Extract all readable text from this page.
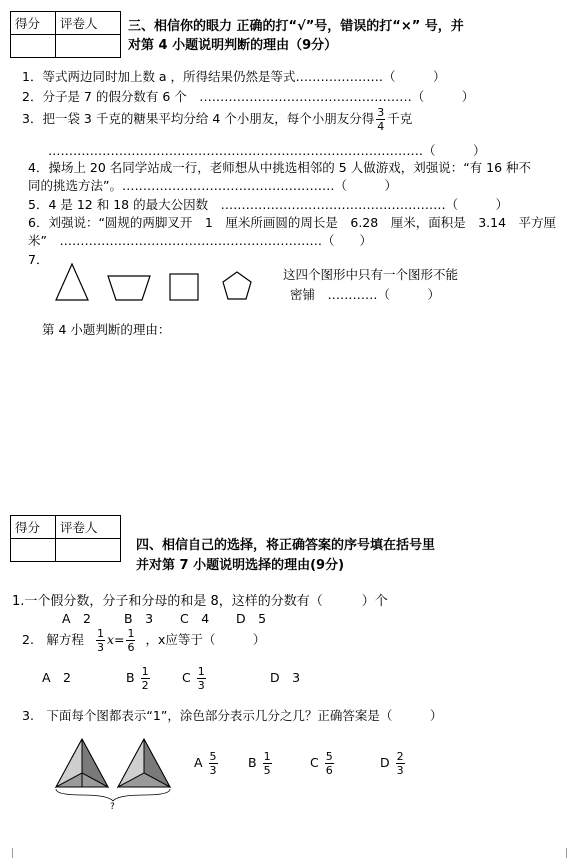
得分	评卷人
	三、相信你的眼力 正确的打“√”号，错误的打“×” 号，并
对第 4 小题说明判断的理由（9分）
1．等式两边同时加上数 a ，所得结果仍然是等式…………………（　　　）
2．分子是 7 的假分数有 6 个　……………………………………………（　　　）
3．把一袋 3 千克的糖果平均分给 4 个小朋友，每个小朋友分得 $\frac{3}{4}$ 千克
………………………………………………………………………………（　　　）
4．操场上 20 名同学站成一行，老师想从中挑选相邻的 5 人做游戏，刘强说：“有 16 种不
同的挑选方法”。……………………………………………（　　　）
5．4 是 12 和 18 的最大公因数　………………………………………………（　　　）
6．刘强说：“圆规的两脚叉开　1　厘米所画圆的周长是　6.28　厘米，面积是　3.14　平方厘
米”　………………………………………………………（　　）
7．
这四个图形中只有一个图形不能
密铺　…………（　　　）
第 4 小题判断的理由：
得分	评卷人

四、相信自己的选择，将正确答案的序号填在括号里
并对第 7 小题说明选择的理由(9分)
1.一个假分数，分子和分母的和是 8，这样的分数有（　　　）个
A　2	B　3 C　4 D　5
2.　解方程 $\frac{1}{3} x= \frac{1}{6}$ ，x应等于（　　　）
A　2	B $\frac{1}{2}$	C $\frac{1}{3}$	D　3
3.　下面每个图都表示“1”，涂色部分表示几分之几？正确答案是（　　　）
?
A $\frac{5}{3}$ B $\frac{1}{5}$	C $\frac{5}{6}$	D $\frac{2}{3}$
